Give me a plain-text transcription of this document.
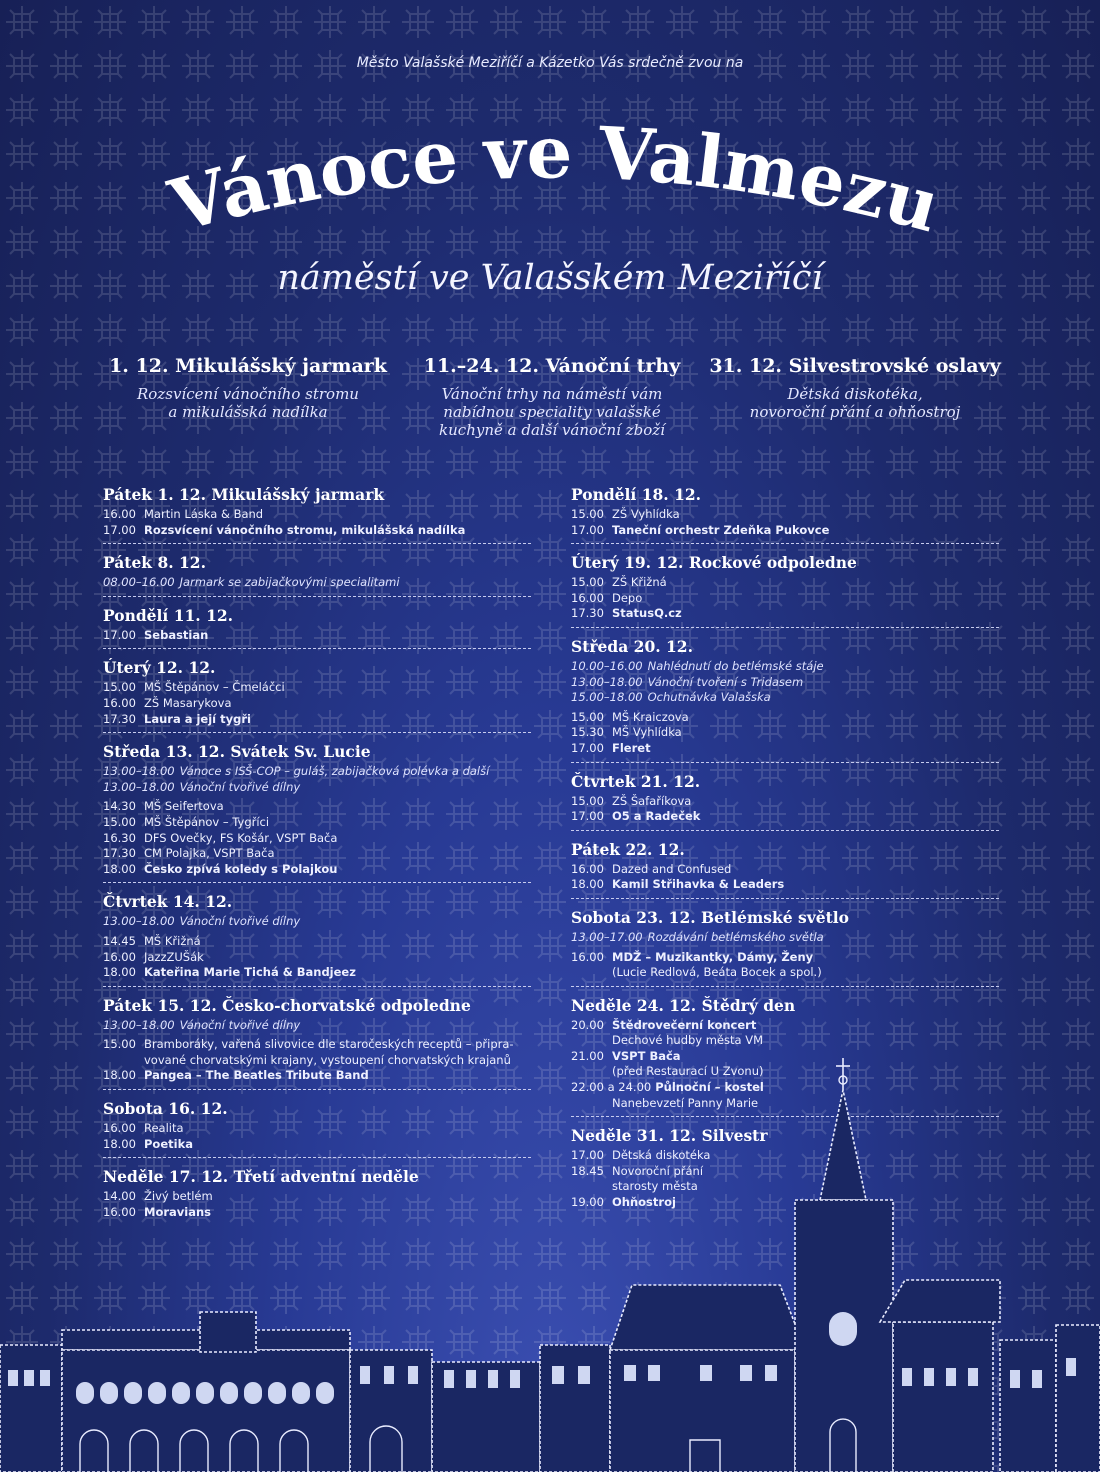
Město Valašské Meziříčí a Kázetko Vás srdečně zvou na
Vánoce ve Valmezu
náměstí ve Valašském Meziříčí
1. 12. Mikulášský jarmark
Rozsvícení vánočního stromu
a mikulášská nadílka
11.–24. 12. Vánoční trhy
Vánoční trhy na náměstí vám
nabídnou speciality valašské
kuchyně a další vánoční zboží
31. 12. Silvestrovské oslavy
Dětská diskotéka,
novoroční přání a ohňostroj
Pátek 1. 12. Mikulášský jarmark
16.00 Martin Láska & Band
17.00 Rozsvícení vánočního stromu, mikulášská nadílka
Pátek 8. 12.
08.00–16.00 Jarmark se zabijačkovými specialitami
Pondělí 11. 12.
17.00 Sebastian
Úterý 12. 12.
15.00 MŠ Štěpánov – Čmeláčci
16.00 ZŠ Masarykova
17.30 Laura a její tygři
Středa 13. 12. Svátek Sv. Lucie
13.00–18.00 Vánoce s ISŠ-COP – guláš, zabijačková polévka a další
13.00–18.00 Vánoční tvořivé dílny
14.30 MŠ Seifertova
15.00 MŠ Štěpánov – Tygříci
16.30 DFS Ovečky, FS Košár, VSPT Bača
17.30 CM Polajka, VSPT Bača
18.00 Česko zpívá koledy s Polajkou
Čtvrtek 14. 12.
13.00–18.00 Vánoční tvořivé dílny
14.45 MŠ Křižná
16.00 JazzZUŠák
18.00 Kateřina Marie Tichá & Bandjeez
Pátek 15. 12. Česko-chorvatské odpoledne
13.00–18.00 Vánoční tvořivé dílny
15.00 Bramboráky, vařená slivovice dle staročeských receptů – připra-vované chorvatskými krajany, vystoupení chorvatských krajanů
18.00 Pangea – The Beatles Tribute Band
Sobota 16. 12.
16.00 Realita
18.00 Poetika
Neděle 17. 12. Třetí adventní neděle
14.00 Živý betlém
16.00 Moravians
Pondělí 18. 12.
15.00 ZŠ Vyhlídka
17.00 Taneční orchestr Zdeňka Pukovce
Úterý 19. 12. Rockové odpoledne
15.00 ZŠ Křižná
16.00 Depo
17.30 StatusQ.cz
Středa 20. 12.
10.00–16.00 Nahlédnutí do betlémské stáje
13.00–18.00 Vánoční tvoření s Tridasem
15.00–18.00 Ochutnávka Valašska
15.00 MŠ Kraiczova
15.30 MŠ Vyhlídka
17.00 Fleret
Čtvrtek 21. 12.
15.00 ZŠ Šafaříkova
17.00 O5 a Radeček
Pátek 22. 12.
16.00 Dazed and Confused
18.00 Kamil Střihavka & Leaders
Sobota 23. 12. Betlémské světlo
13.00–17.00 Rozdávání betlémského světla
16.00 MDŽ – Muzikantky, Dámy, Ženy
(Lucie Redlová, Beáta Bocek a spol.)
Neděle 24. 12. Štědrý den
20.00 Štědrovečerní koncert
Dechové hudby města VM
21.00 VSPT Bača
(před Restaurací U Zvonu)
22.00 a 24.00 Půlnoční – kostel
Nanebevzetí Panny Marie
Neděle 31. 12. Silvestr
17.00 Dětská diskotéka
18.45 Novoroční přání
starosty města
19.00 Ohňostroj
